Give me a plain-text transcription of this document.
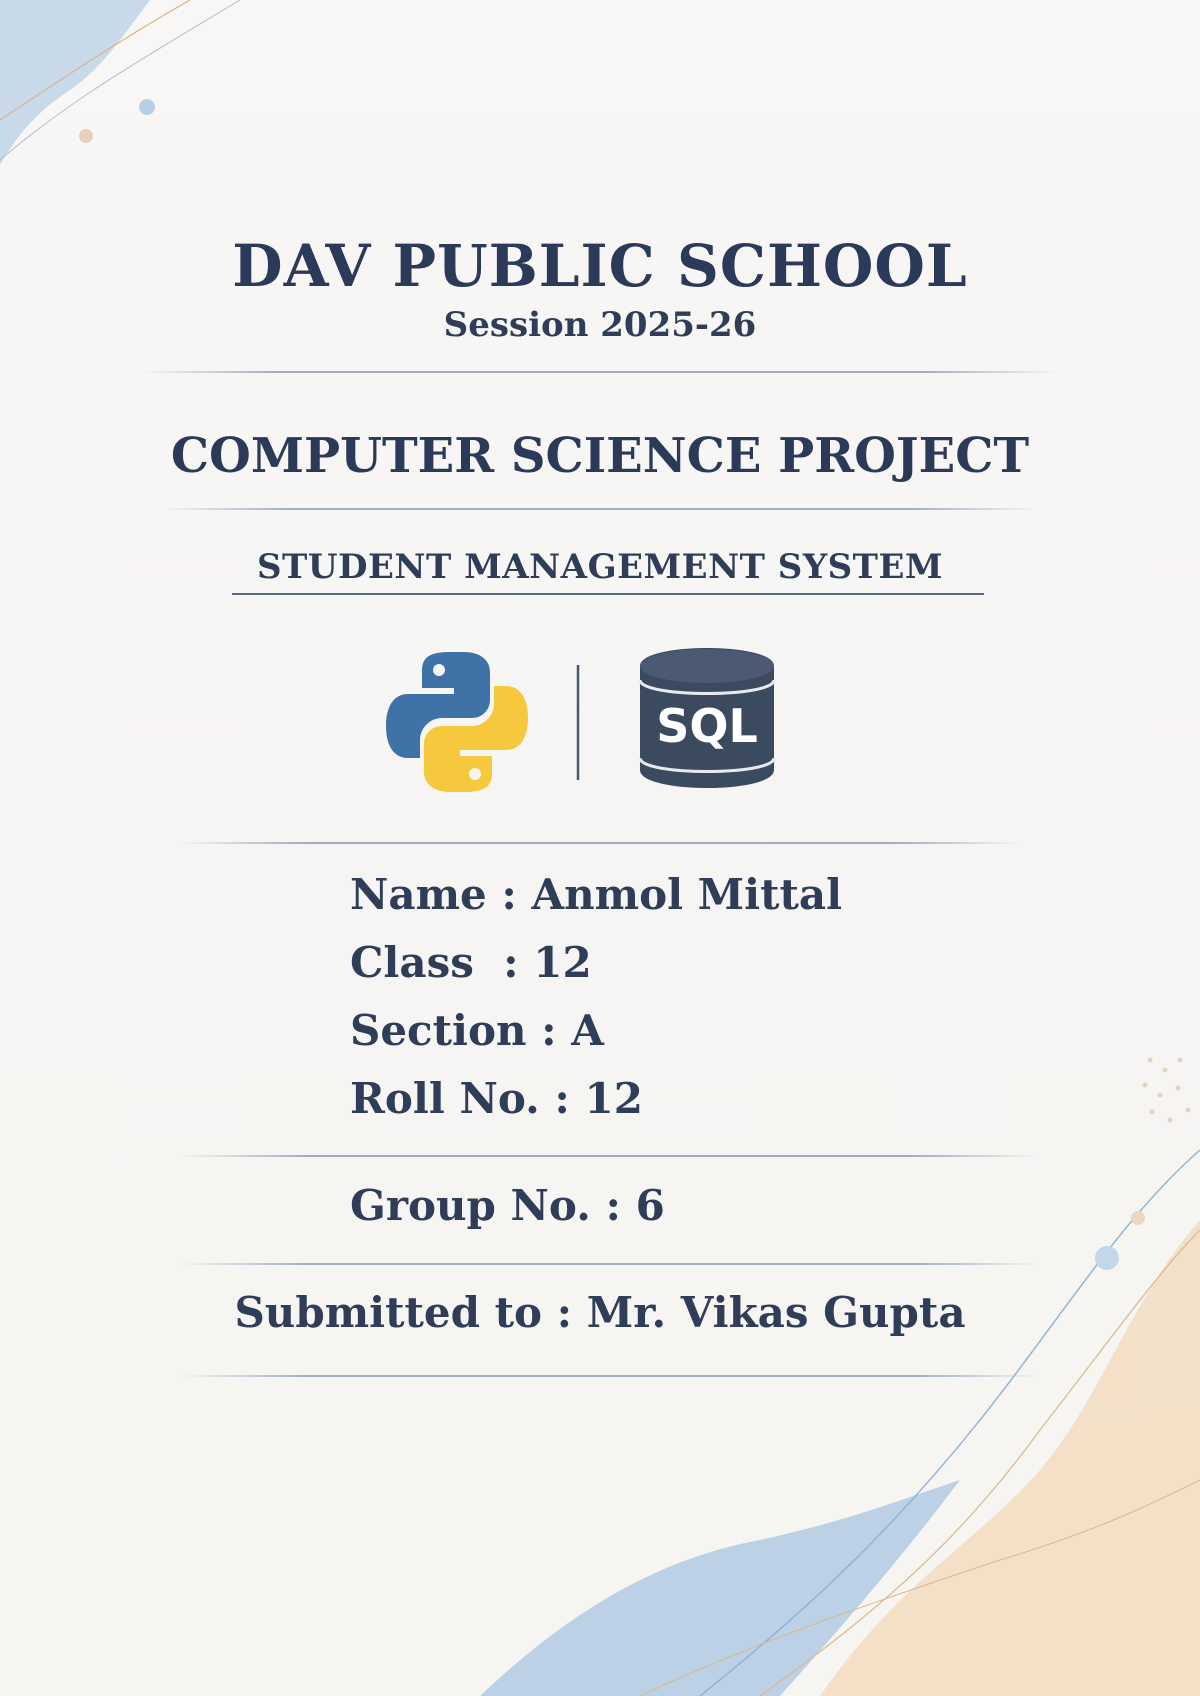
DAV PUBLIC SCHOOL
Session 2025-26
COMPUTER SCIENCE PROJECT
STUDENT MANAGEMENT SYSTEM
SQL
Name : Anmol Mittal
Class  : 12
Section : A
Roll No. : 12
Group No. : 6
Submitted to : Mr. Vikas Gupta
